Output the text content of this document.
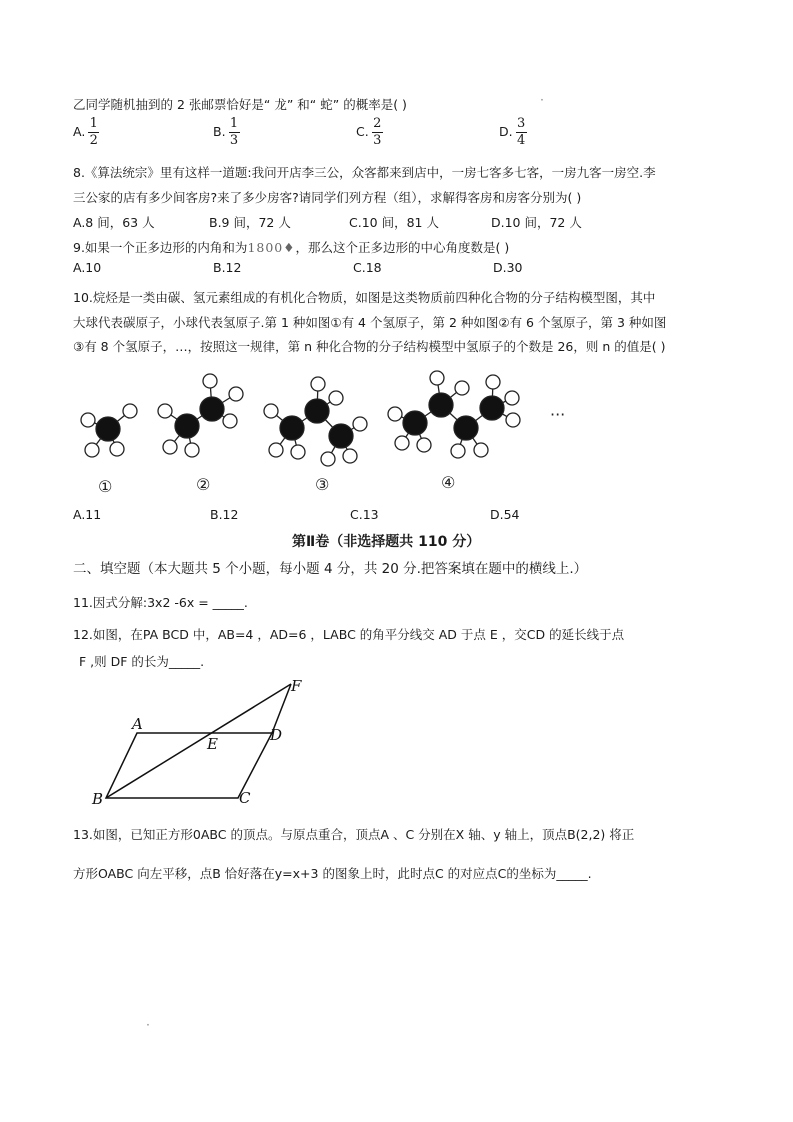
·
乙同学随机抽到的 2 张邮票恰好是“ 龙” 和“ 蛇” 的概率是( )
A. $\frac{1}{2}$	B. $\frac{1}{3}$	C. $\frac{2}{3}$	D. $\frac{3}{4}$
8.《算法统宗》里有这样一道题:我问开店李三公，众客都来到店中，一房七客多七客，一房九客一房空.李
三公家的店有多少间客房?来了多少房客?请同学们列方程（组），求解得客房和房客分别为( )
A.8 间，63 人	B.9 间，72 人	C.10 间，81 人	D.10 间，72 人
9.如果一个正多边形的内角和为1800♦，那么这个正多边形的中心角度数是( )
A.10	B.12	C.18	D.30
10.烷烃是一类由碳、氢元素组成的有机化合物质，如图是这类物质前四种化合物的分子结构模型图，其中
大球代表碳原子，小球代表氢原子.第 1 种如图①有 4 个氢原子，第 2 种如图②有 6 个氢原子，第 3 种如图
③有 8 个氢原子，…，按照这一规律，第 n 种化合物的分子结构模型中氢原子的个数是 26，则 n 的值是( )
①	②	③	④
···
A.11	B.12	C.13	D.54
第Ⅱ卷（非选择题共 110 分）
二、填空题（本大题共 5 个小题，每小题 4 分，共 20 分.把答案填在题中的横线上.）
11.因式分解:3x2 -6x = _____.
12.如图，在PA BCD 中，AB=4 ，AD=6 ，LABC 的角平分线交 AD 于点 E ，交CD 的延长线于点
F ,则 DF 的长为_____.
A
B	C
D
E
F
13.如图，已知正方形0ABC 的顶点。与原点重合，顶点A 、C 分别在X 轴、y 轴上，顶点B(2,2) 将正
方形OABC 向左平移，点B 恰好落在y=x+3 的图象上时，此时点C 的对应点C的坐标为_____.
·
